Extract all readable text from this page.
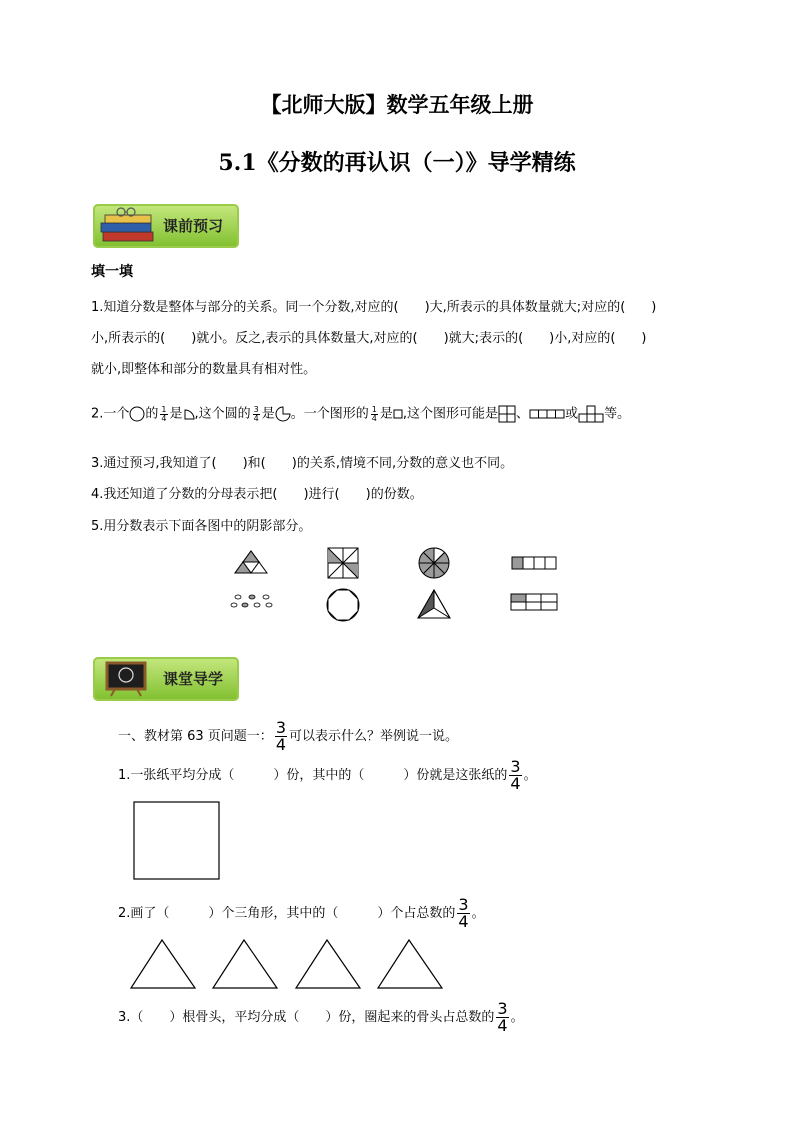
【北师大版】数学五年级上册
5.1《分数的再认识（一）》导学精练
课前预习
填一填
1.知道分数是整体与部分的关系。同一个分数,对应的(　　)大,所表示的具体数量就大;对应的(　　)
小,所表示的(　　)就小。反之,表示的具体数量大,对应的(　　)就大;表示的(　　)小,对应的(　　)
就小,即整体和部分的数量具有相对性。
2.一个 的 $\frac{1}{4}$ 是 ,这个圆的 $\frac{3}{4}$ 是 。一个图形的 $\frac{1}{4}$ 是 ,这个图形可能是 、	或 等。
3.通过预习,我知道了(　　)和(　　)的关系,情境不同,分数的意义也不同。
4.我还知道了分数的分母表示把(　　)进行(　　)的份数。
5.用分数表示下面各图中的阴影部分。
课堂导学
一、教材第 63 页问题一： $\frac{3}{4}$ 可以表示什么？举例说一说。
1.一张纸平均分成（　　　）份，其中的（　　　）份就是这张纸的 $\frac{3}{4}$ 。
2.画了（　　　）个三角形，其中的（　　　）个占总数的 $\frac{3}{4}$ 。
3.（　　）根骨头，平均分成（　　）份，圈起来的骨头占总数的 $\frac{3}{4}$ 。
